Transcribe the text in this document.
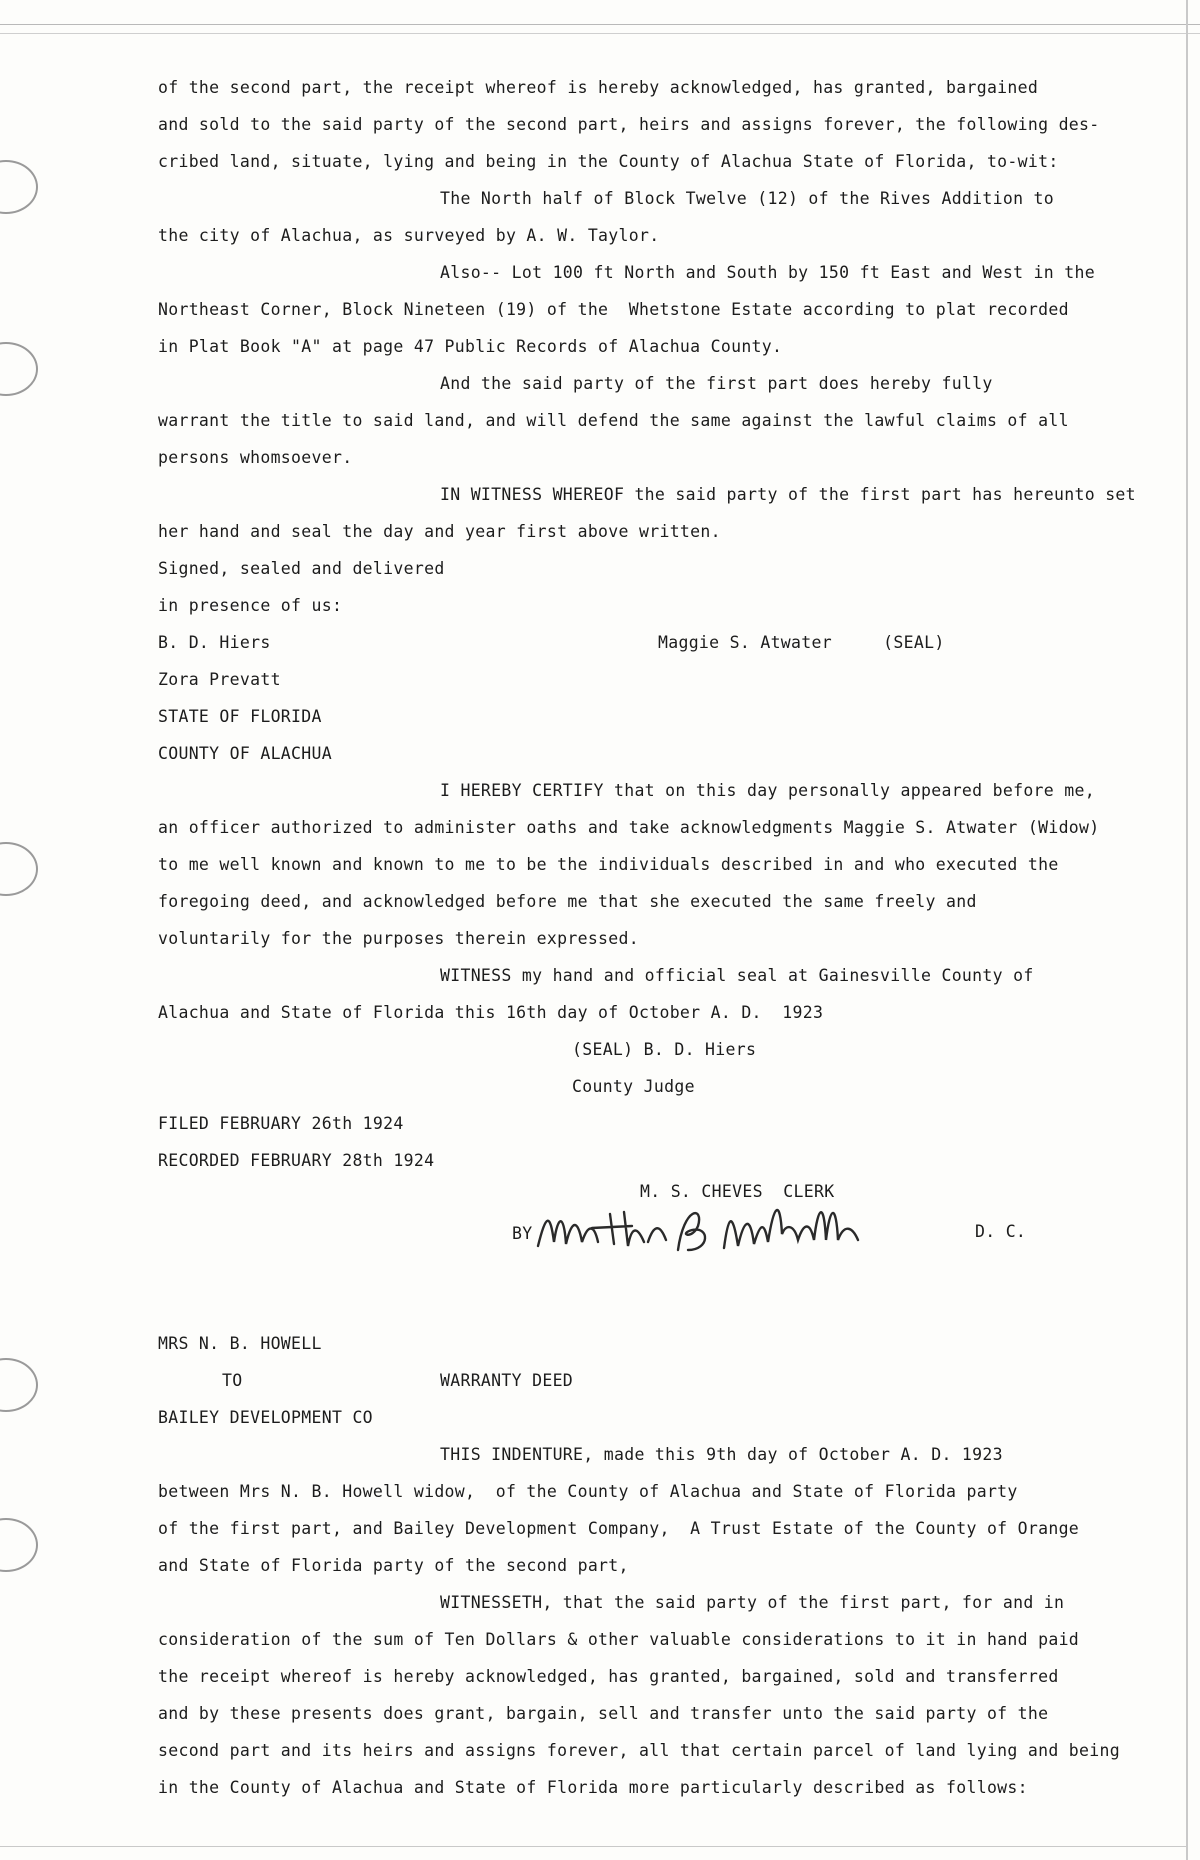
of the second part, the receipt whereof is hereby acknowledged, has granted, bargained
and sold to the said party of the second part, heirs and assigns forever, the following des-
cribed land, situate, lying and being in the County of Alachua State of Florida, to-wit:
The North half of Block Twelve (12) of the Rives Addition to
the city of Alachua, as surveyed by A. W. Taylor.
Also-- Lot 100 ft North and South by 150 ft East and West in the
Northeast Corner, Block Nineteen (19) of the  Whetstone Estate according to plat recorded
in Plat Book "A" at page 47 Public Records of Alachua County.
And the said party of the first part does hereby fully
warrant the title to said land, and will defend the same against the lawful claims of all
persons whomsoever.
IN WITNESS WHEREOF the said party of the first part has hereunto set
her hand and seal the day and year first above written.
Signed, sealed and delivered
in presence of us:
B. D. Hiers	Maggie S. Atwater     (SEAL)
Zora Prevatt
STATE OF FLORIDA
COUNTY OF ALACHUA
I HEREBY CERTIFY that on this day personally appeared before me,
an officer authorized to administer oaths and take acknowledgments Maggie S. Atwater (Widow)
to me well known and known to me to be the individuals described in and who executed the
foregoing deed, and acknowledged before me that she executed the same freely and
voluntarily for the purposes therein expressed.
WITNESS my hand and official seal at Gainesville County of
Alachua and State of Florida this 16th day of October A. D.  1923
(SEAL) B. D. Hiers
County Judge
FILED FEBRUARY 26th 1924
RECORDED FEBRUARY 28th 1924
M. S. CHEVES  CLERK
BY	D. C.
MRS N. B. HOWELL
TO	WARRANTY DEED
BAILEY DEVELOPMENT CO
THIS INDENTURE, made this 9th day of October A. D. 1923
between Mrs N. B. Howell widow,  of the County of Alachua and State of Florida party
of the first part, and Bailey Development Company,  A Trust Estate of the County of Orange
and State of Florida party of the second part,
WITNESSETH, that the said party of the first part, for and in
consideration of the sum of Ten Dollars & other valuable considerations to it in hand paid
the receipt whereof is hereby acknowledged, has granted, bargained, sold and transferred
and by these presents does grant, bargain, sell and transfer unto the said party of the
second part and its heirs and assigns forever, all that certain parcel of land lying and being
in the County of Alachua and State of Florida more particularly described as follows:
